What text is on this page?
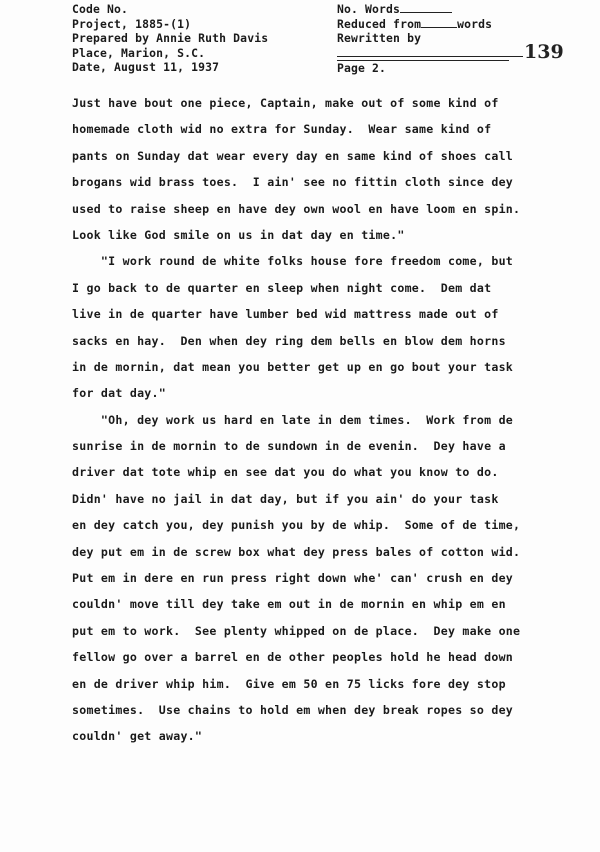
Code No.
Project, 1885-(1)
Prepared by Annie Ruth Davis
Place, Marion, S.C.
Date, August 11, 1937
No. Words
Reduced from	words
Rewritten by
Page 2.
139
Just have bout one piece, Captain, make out of some kind of
homemade cloth wid no extra for Sunday.  Wear same kind of
pants on Sunday dat wear every day en same kind of shoes call
brogans wid brass toes.  I ain' see no fittin cloth since dey
used to raise sheep en have dey own wool en have loom en spin.
Look like God smile on us in dat day en time."
"I work round de white folks house fore freedom come, but
I go back to de quarter en sleep when night come.  Dem dat
live in de quarter have lumber bed wid mattress made out of
sacks en hay.  Den when dey ring dem bells en blow dem horns
in de mornin, dat mean you better get up en go bout your task
for dat day."
"Oh, dey work us hard en late in dem times.  Work from de
sunrise in de mornin to de sundown in de evenin.  Dey have a
driver dat tote whip en see dat you do what you know to do.
Didn' have no jail in dat day, but if you ain' do your task
en dey catch you, dey punish you by de whip.  Some of de time,
dey put em in de screw box what dey press bales of cotton wid.
Put em in dere en run press right down whe' can' crush en dey
couldn' move till dey take em out in de mornin en whip em en
put em to work.  See plenty whipped on de place.  Dey make one
fellow go over a barrel en de other peoples hold he head down
en de driver whip him.  Give em 50 en 75 licks fore dey stop
sometimes.  Use chains to hold em when dey break ropes so dey
couldn' get away."
